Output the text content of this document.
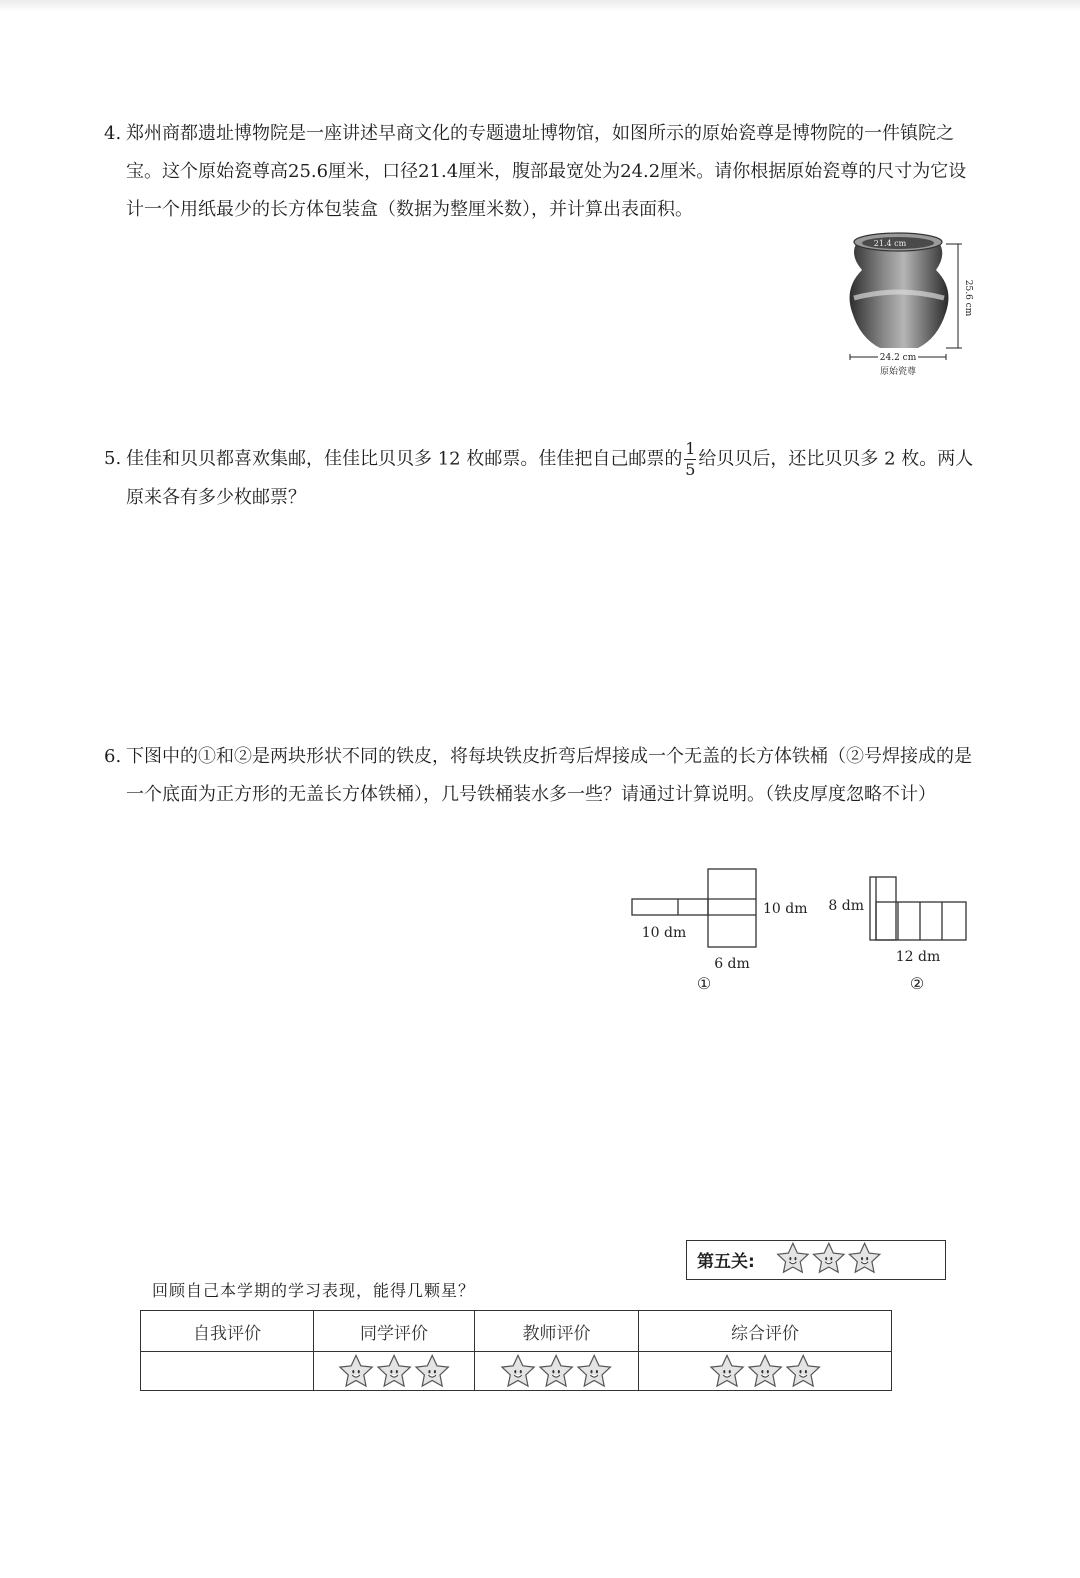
4. 郑州商都遗址博物院是一座讲述早商文化的专题遗址博物馆，如图所示的原始瓷尊是博物院的一件镇院之宝。这个原始瓷尊高25.6厘米，口径21.4厘米，腹部最宽处为24.2厘米。请你根据原始瓷尊的尺寸为它设计一个用纸最少的长方体包装盒（数据为整厘米数），并计算出表面积。
21.4 cm
25.6 cm
24.2 cm
原始瓷尊
5. 佳佳和贝贝都喜欢集邮，佳佳比贝贝多 12 枚邮票。佳佳把自己邮票的 $\frac{1}{5}$ 给贝贝后，还比贝贝多 2 枚。两人原来各有多少枚邮票？
6. 下图中的①和②是两块形状不同的铁皮，将每块铁皮折弯后焊接成一个无盖的长方体铁桶（②号焊接成的是一个底面为正方形的无盖长方体铁桶），几号铁桶装水多一些？请通过计算说明。（铁皮厚度忽略不计）
10 dm
10 dm
6 dm
①
8 dm
12 dm
②
第五关:
回顾自己本学期的学习表现，能得几颗星？
自我评价	同学评价	教师评价	综合评价
